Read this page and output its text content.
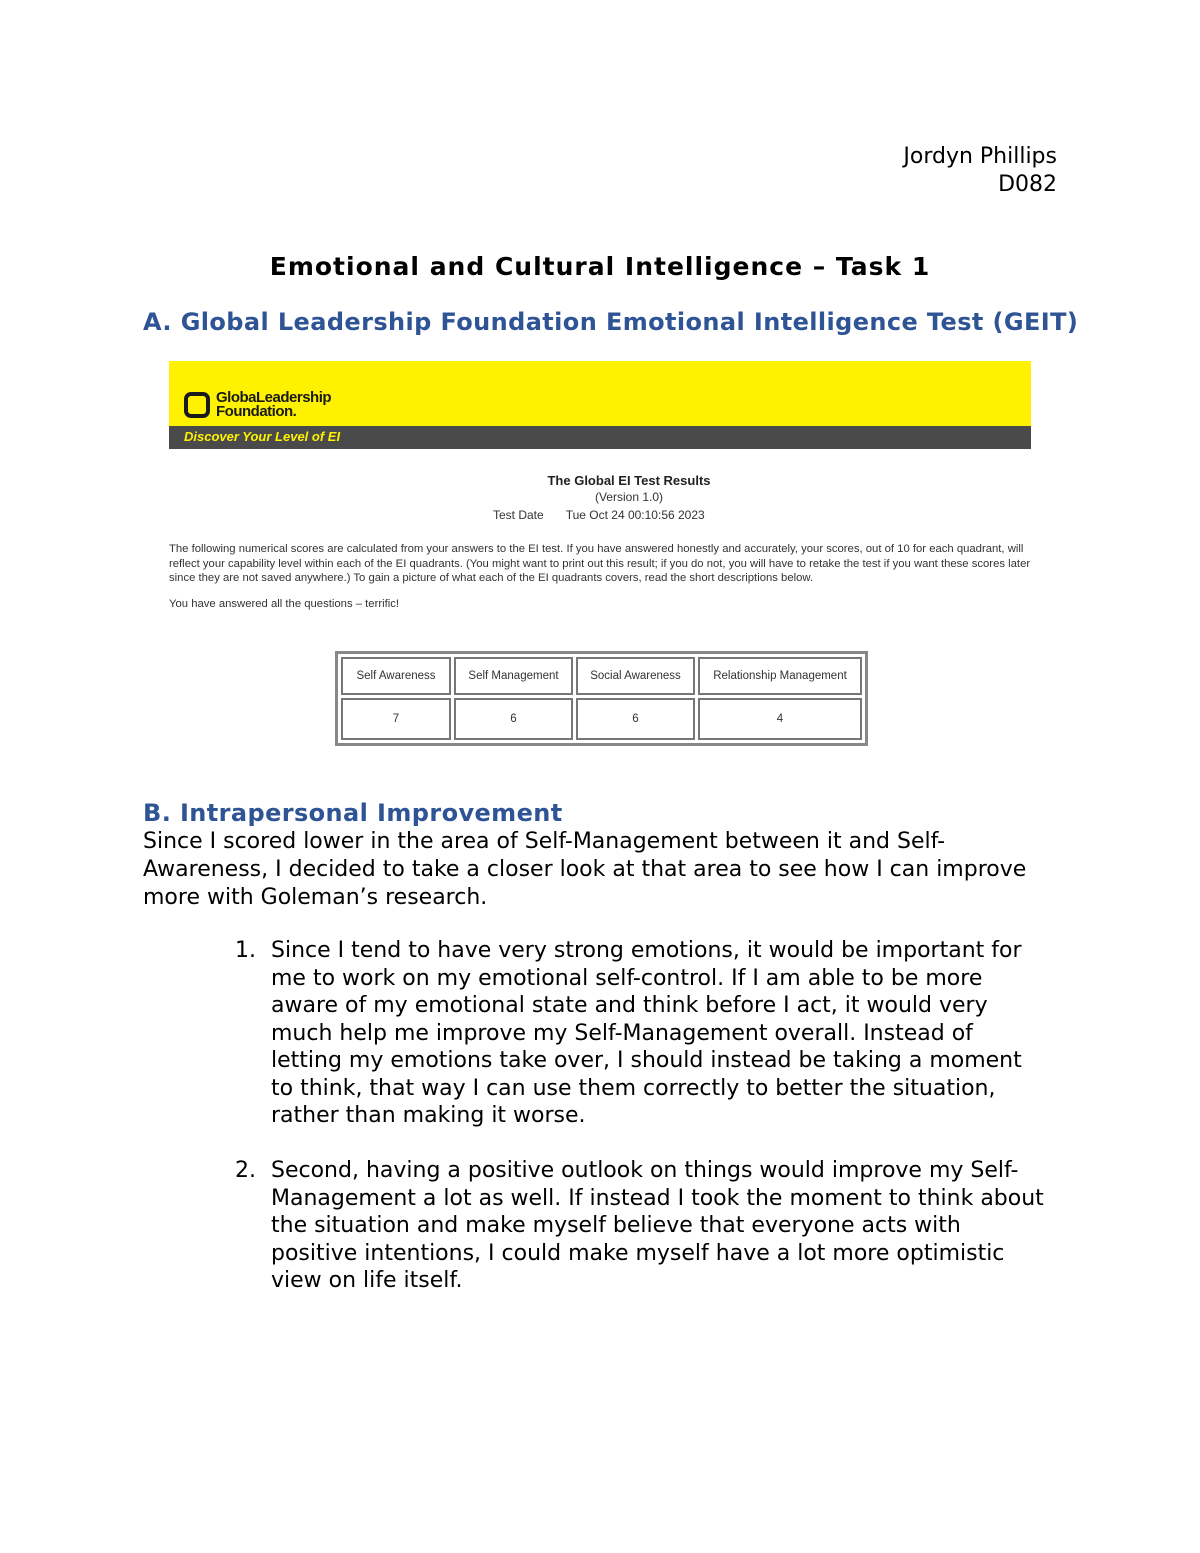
Jordyn Phillips
D082
Emotional and Cultural Intelligence – Task 1
A. Global Leadership Foundation Emotional Intelligence Test (GEIT)
GlobaLeadership
Foundation.
Discover Your Level of EI
The Global EI Test Results
(Version 1.0)
Test Date Tue Oct 24 00:10:56 2023
The following numerical scores are calculated from your answers to the EI test. If you have answered honestly and accurately, your scores, out of 10 for each quadrant, will reflect your capability level within each of the EI quadrants. (You might want to print out this result; if you do not, you will have to retake the test if you want these scores later since they are not saved anywhere.) To gain a picture of what each of the EI quadrants covers, read the short descriptions below.
You have answered all the questions – terrific!
Self Awareness	Self Management	Social Awareness	Relationship Management
7	6	6	4
B. Intrapersonal Improvement
Since I scored lower in the area of Self-Management between it and Self-Awareness, I decided to take a closer look at that area to see how I can improve more with Goleman’s research.
1. Since I tend to have very strong emotions, it would be important for me to work on my emotional self-control. If I am able to be more aware of my emotional state and think before I act, it would very much help me improve my Self-Management overall. Instead of letting my emotions take over, I should instead be taking a moment to think, that way I can use them correctly to better the situation, rather than making it worse.
2. Second, having a positive outlook on things would improve my Self-Management a lot as well. If instead I took the moment to think about the situation and make myself believe that everyone acts with positive intentions, I could make myself have a lot more optimistic view on life itself.
